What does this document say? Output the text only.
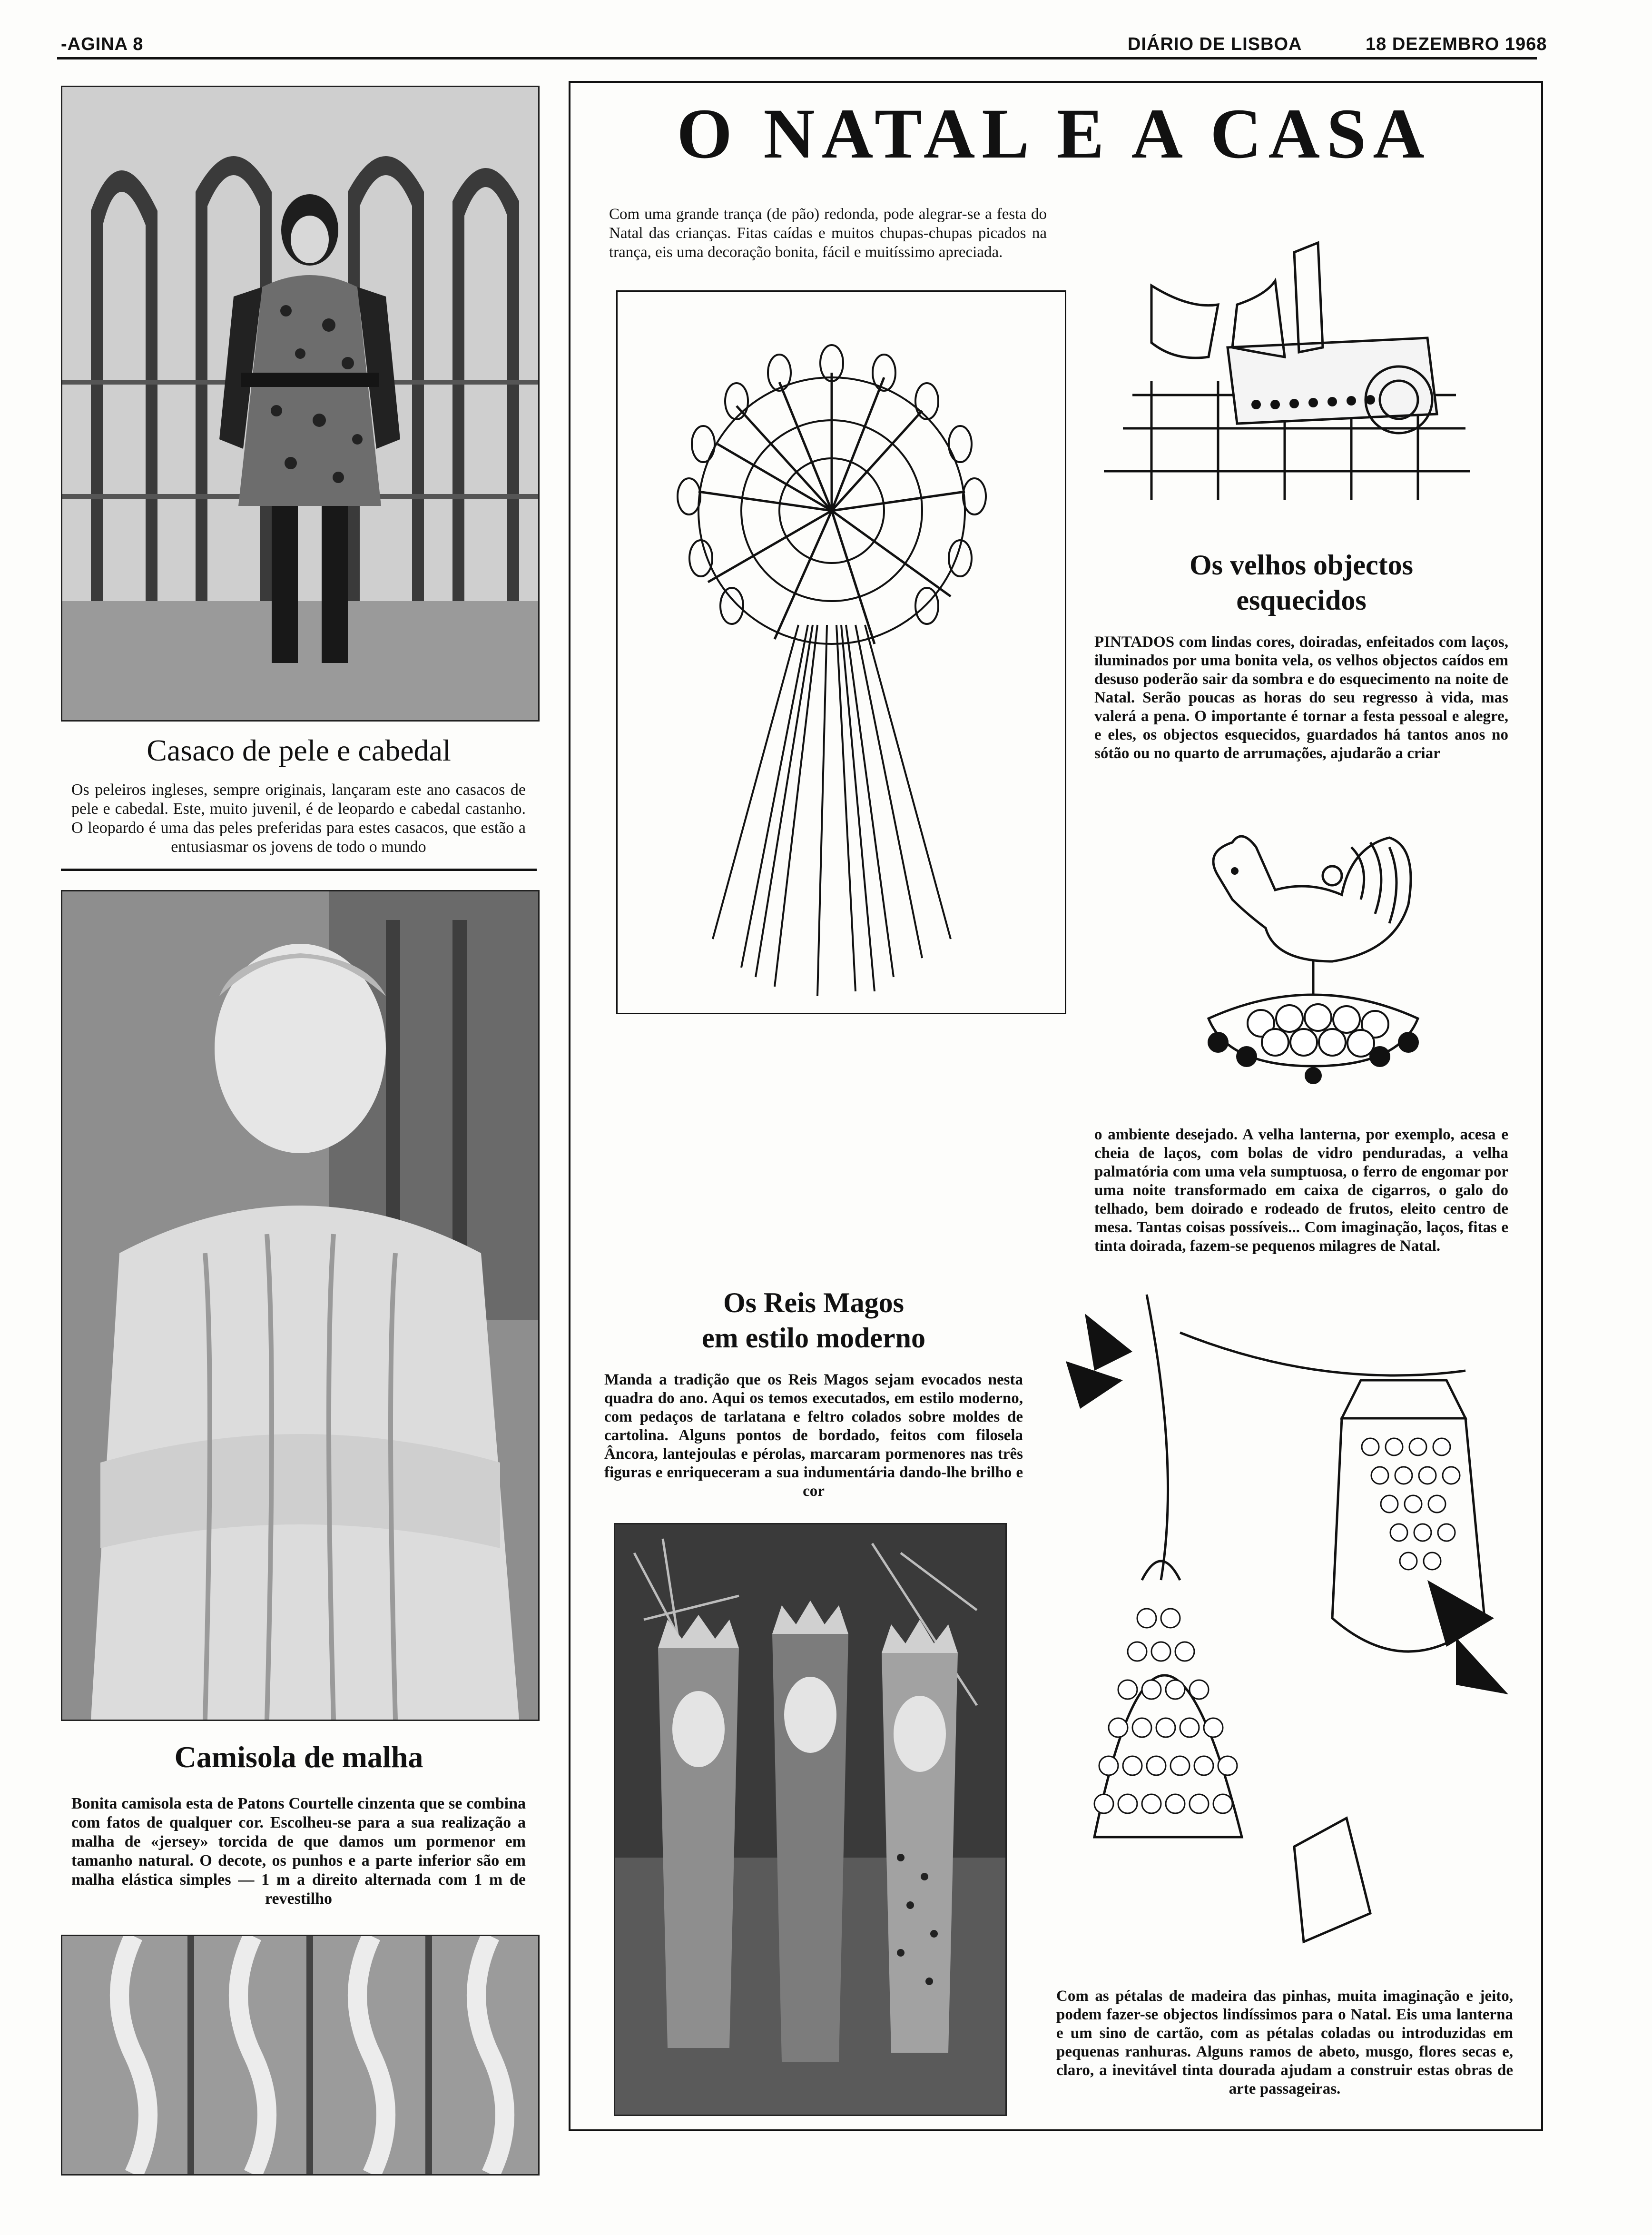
-AGINA 8	DIÁRIO DE LISBOA	18 DEZEMBRO 1968
Casaco de pele e cabedal
Os peleiros ingleses, sempre originais, lançaram este ano casacos de pele e cabedal. Este, muito juvenil, é de leopardo e cabedal castanho. O leopardo é uma das peles preferidas para estes casacos, que estão a entusiasmar os jovens de todo o mundo
Camisola de malha
Bonita camisola esta de Patons Courtelle cinzenta que se combina com fatos de qualquer cor. Escolheu-se para a sua realização a malha de «jersey» torcida de que damos um pormenor em tamanho natural. O decote, os punhos e a parte inferior são em malha elástica simples — 1 m a direito alternada com 1 m de revestilho
O NATAL E A CASA
Com uma grande trança (de pão) redonda, pode alegrar-se a festa do Natal das crianças. Fitas caídas e muitos chupas-chupas picados na trança, eis uma decoração bonita, fácil e muitíssimo apreciada.
Os velhos objectos
esquecidos
PINTADOS com lindas cores, doiradas, enfeitados com laços, iluminados por uma bonita vela, os velhos objectos caídos em desuso poderão sair da sombra e do esquecimento na noite de Natal. Serão poucas as horas do seu regresso à vida, mas valerá a pena. O importante é tornar a festa pessoal e alegre, e eles, os objectos esquecidos, guardados há tantos anos no sótão ou no quarto de arrumações, ajudarão a criar
o ambiente desejado. A velha lanterna, por exemplo, acesa e cheia de laços, com bolas de vidro penduradas, a velha palmatória com uma vela sumptuosa, o ferro de engomar por uma noite transformado em caixa de cigarros, o galo do telhado, bem doirado e rodeado de frutos, eleito centro de mesa. Tantas coisas possíveis... Com imaginação, laços, fitas e tinta doirada, fazem-se pequenos milagres de Natal.
Os Reis Magos
em estilo moderno
Manda a tradição que os Reis Magos sejam evocados nesta quadra do ano. Aqui os temos executados, em estilo moderno, com pedaços de tarlatana e feltro colados sobre moldes de cartolina. Alguns pontos de bordado, feitos com filosela Âncora, lantejoulas e pérolas, marcaram pormenores nas três figuras e enriqueceram a sua indumentária dando-lhe brilho e cor
Com as pétalas de madeira das pinhas, muita imaginação e jeito, podem fazer-se objectos lindíssimos para o Natal. Eis uma lanterna e um sino de cartão, com as pétalas coladas ou introduzidas em pequenas ranhuras. Alguns ramos de abeto, musgo, flores secas e, claro, a inevitável tinta dourada ajudam a construir estas obras de arte passageiras.
